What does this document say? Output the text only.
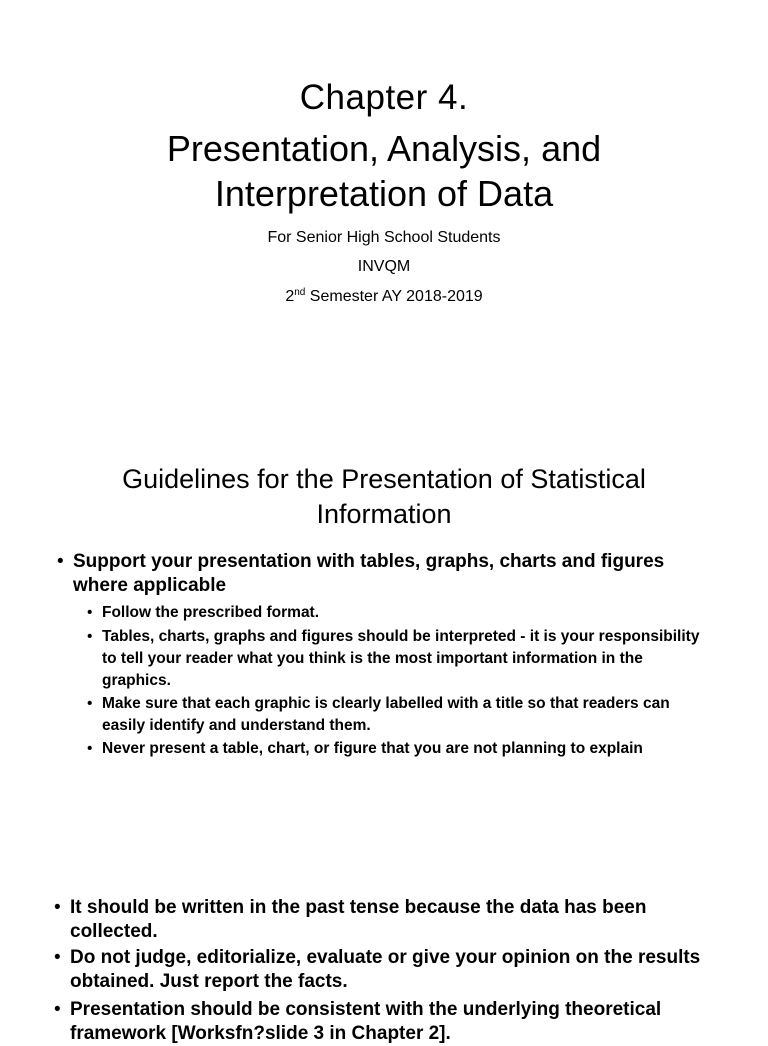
Chapter 4.
Presentation, Analysis, and
Interpretation of Data
For Senior High School Students
INVQM
2nd Semester AY 2018-2019
Guidelines for the Presentation of Statistical
Information
• Support your presentation with tables, graphs, charts and figures where applicable
• Follow the prescribed format.
• Tables, charts, graphs and figures should be interpreted - it is your responsibility to tell your reader what you think is the most important information in the graphics.
• Make sure that each graphic is clearly labelled with a title so that readers can easily identify and understand them.
• Never present a table, chart, or figure that you are not planning to explain
• It should be written in the past tense because the data has been collected.
• Do not judge, editorialize, evaluate or give your opinion on the results obtained. Just report the facts.
• Presentation should be consistent with the underlying theoretical framework [Worksfn?slide 3 in Chapter 2].
